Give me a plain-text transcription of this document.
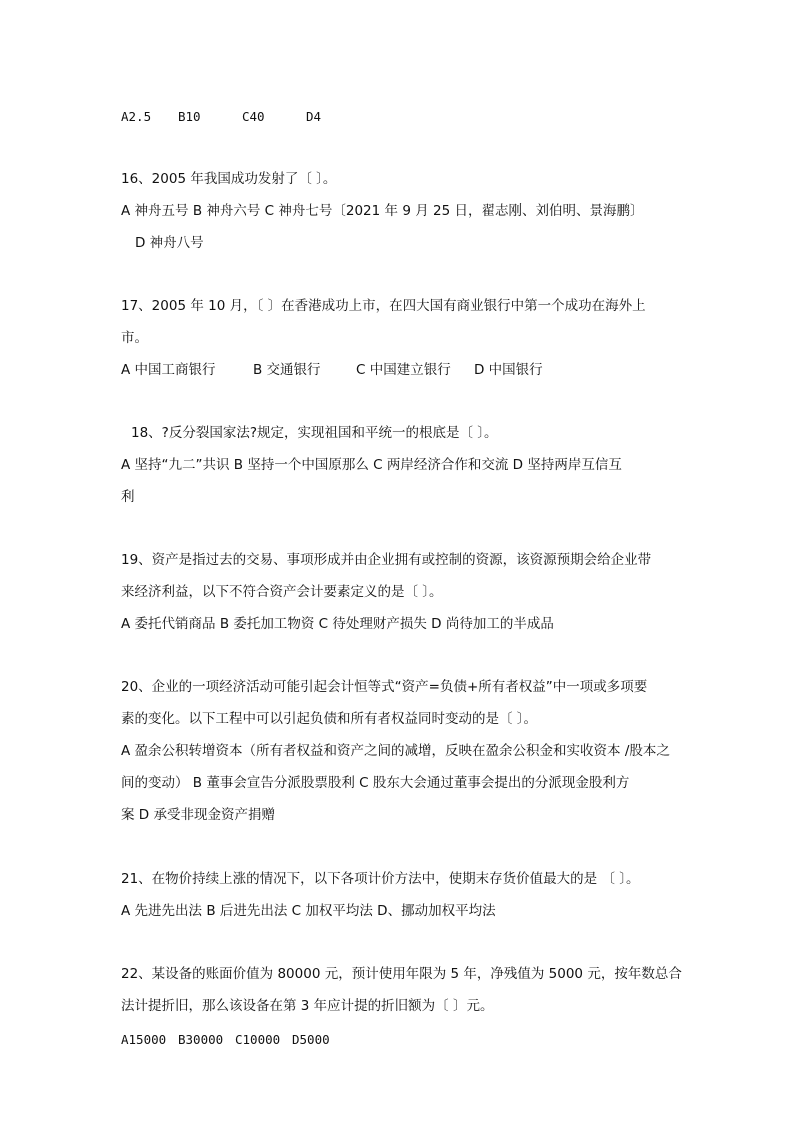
A2.5 B10	C40	D4
16、2005 年我国成功发射了〔 〕。
A 神舟五号 B 神舟六号 C 神舟七号〔2021 年 9 月 25 日，翟志刚、刘伯明、景海鹏〕
D 神舟八号
17、2005 年 10 月，〔 〕在香港成功上市，在四大国有商业银行中第一个成功在海外上
市。
A 中国工商银行	B 交通银行	C 中国建立银行 D 中国银行
18、?反分裂国家法?规定，实现祖国和平统一的根底是〔 〕。
A 坚持“九二”共识 B 坚持一个中国原那么 C 两岸经济合作和交流 D 坚持两岸互信互
利
19、资产是指过去的交易、事项形成并由企业拥有或控制的资源，该资源预期会给企业带
来经济利益，以下不符合资产会计要素定义的是〔 〕。
A 委托代销商品 B 委托加工物资 C 待处理财产损失 D 尚待加工的半成品
20、企业的一项经济活动可能引起会计恒等式“资产=负债+所有者权益”中一项或多项要
素的变化。以下工程中可以引起负债和所有者权益同时变动的是〔 〕。
A 盈余公积转增资本（所有者权益和资产之间的减增，反映在盈余公积金和实收资本 /股本之
间的变动） B 董事会宣告分派股票股利 C 股东大会通过董事会提出的分派现金股利方
案 D 承受非现金资产捐赠
21、在物价持续上涨的情况下，以下各项计价方法中，使期末存货价值最大的是 〔 〕。
A 先进先出法 B 后进先出法 C 加权平均法 D、挪动加权平均法
22、某设备的账面价值为 80000 元，预计使用年限为 5 年，净残值为 5000 元，按年数总合
法计提折旧，那么该设备在第 3 年应计提的折旧额为〔 〕元。
A15000 B30000 C10000 D5000
